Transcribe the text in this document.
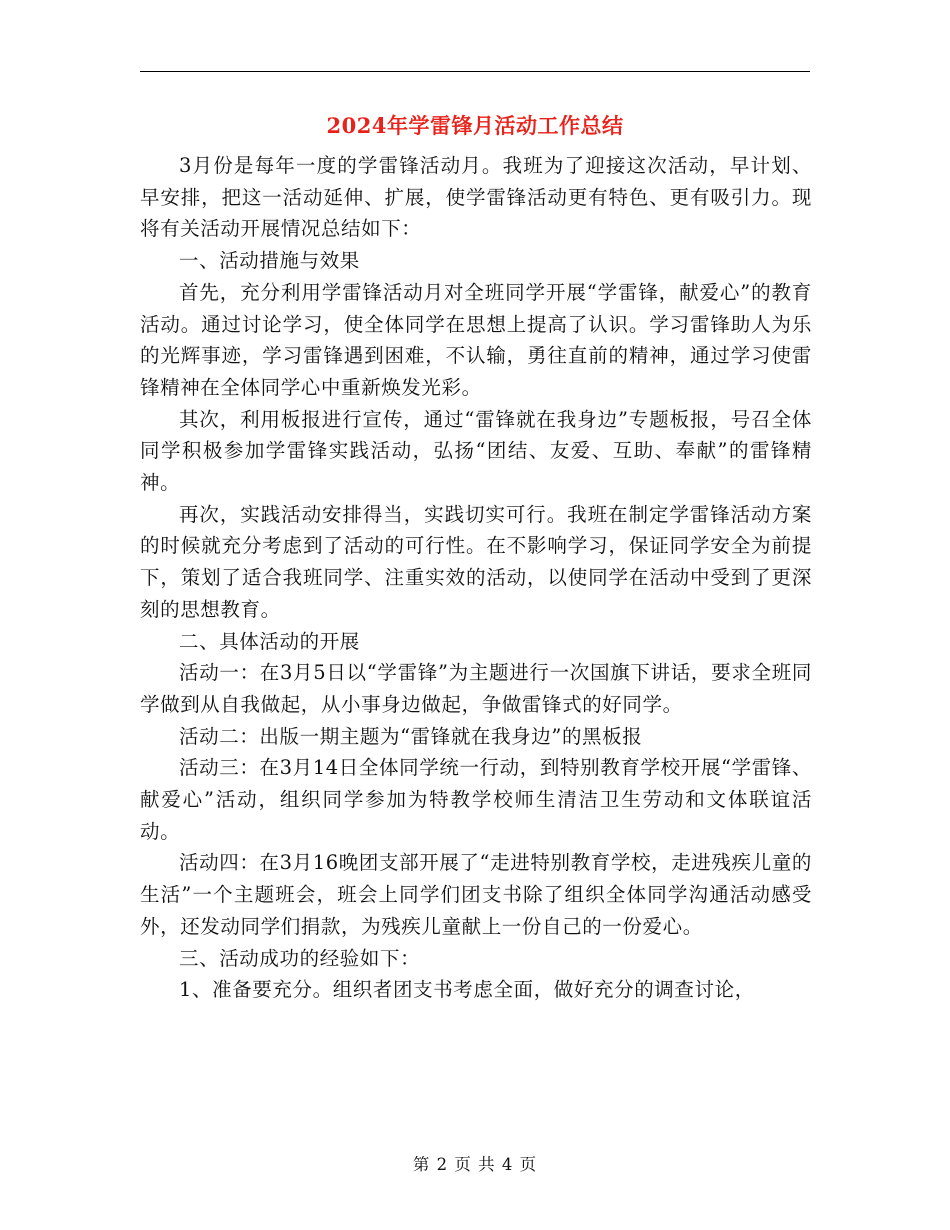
2024年学雷锋月活动工作总结

3月份是每年一度的学雷锋活动月。我班为了迎接这次活动，早计划、早安排，把这一活动延伸、扩展，使学雷锋活动更有特色、更有吸引力。现将有关活动开展情况总结如下：

一、活动措施与效果

首先，充分利用学雷锋活动月对全班同学开展“学雷锋，献爱心”的教育活动。通过讨论学习，使全体同学在思想上提高了认识。学习雷锋助人为乐的光辉事迹，学习雷锋遇到困难，不认输，勇往直前的精神，通过学习使雷锋精神在全体同学心中重新焕发光彩。

其次，利用板报进行宣传，通过“雷锋就在我身边”专题板报，号召全体同学积极参加学雷锋实践活动，弘扬“团结、友爱、互助、奉献”的雷锋精神。

再次，实践活动安排得当，实践切实可行。我班在制定学雷锋活动方案的时候就充分考虑到了活动的可行性。在不影响学习，保证同学安全为前提下，策划了适合我班同学、注重实效的活动，以使同学在活动中受到了更深刻的思想教育。

二、具体活动的开展

活动一：在3月5日以“学雷锋”为主题进行一次国旗下讲话，要求全班同学做到从自我做起，从小事身边做起，争做雷锋式的好同学。

活动二：出版一期主题为“雷锋就在我身边”的黑板报

活动三：在3月14日全体同学统一行动，到特别教育学校开展“学雷锋、献爱心”活动，组织同学参加为特教学校师生清洁卫生劳动和文体联谊活动。

活动四：在3月16晚团支部开展了“走进特别教育学校，走进残疾儿童的生活”一个主题班会，班会上同学们团支书除了组织全体同学沟通活动感受外，还发动同学们捐款，为残疾儿童献上一份自己的一份爱心。

三、活动成功的经验如下：

1、准备要充分。组织者团支书考虑全面，做好充分的调查讨论，

第 2 页 共 4 页
